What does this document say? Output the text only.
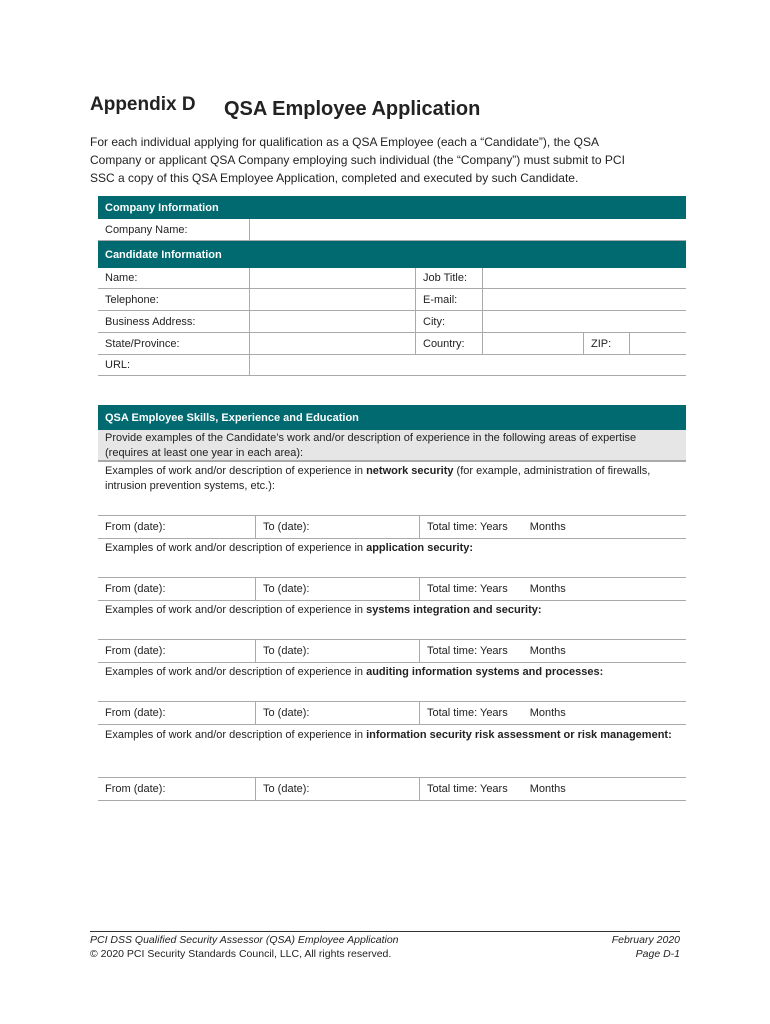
Appendix D QSA Employee Application
For each individual applying for qualification as a QSA Employee (each a “Candidate”), the QSA Company or applicant QSA Company employing such individual (the “Company”) must submit to PCI SSC a copy of this QSA Employee Application, completed and executed by such Candidate.
Company Information
Company Name:
Candidate Information
Name:	Job Title:
Telephone:	E-mail:
Business Address:	City:
State/Province:	Country:	ZIP:
URL:
QSA Employee Skills, Experience and Education
Provide examples of the Candidate’s work and/or description of experience in the following areas of expertise (requires at least one year in each area):
Examples of work and/or description of experience in network security (for example, administration of firewalls, intrusion prevention systems, etc.):
From (date):	To (date):	Total time: Years Months
Examples of work and/or description of experience in application security:
From (date):	To (date):	Total time: Years Months
Examples of work and/or description of experience in systems integration and security:
From (date):	To (date):	Total time: Years Months
Examples of work and/or description of experience in auditing information systems and processes:
From (date):	To (date):	Total time: Years Months
Examples of work and/or description of experience in information security risk assessment or risk management:
From (date):	To (date):	Total time: Years Months
PCI DSS Qualified Security Assessor (QSA) Employee Application
© 2020 PCI Security Standards Council, LLC, All rights reserved.
February 2020
Page D-1
